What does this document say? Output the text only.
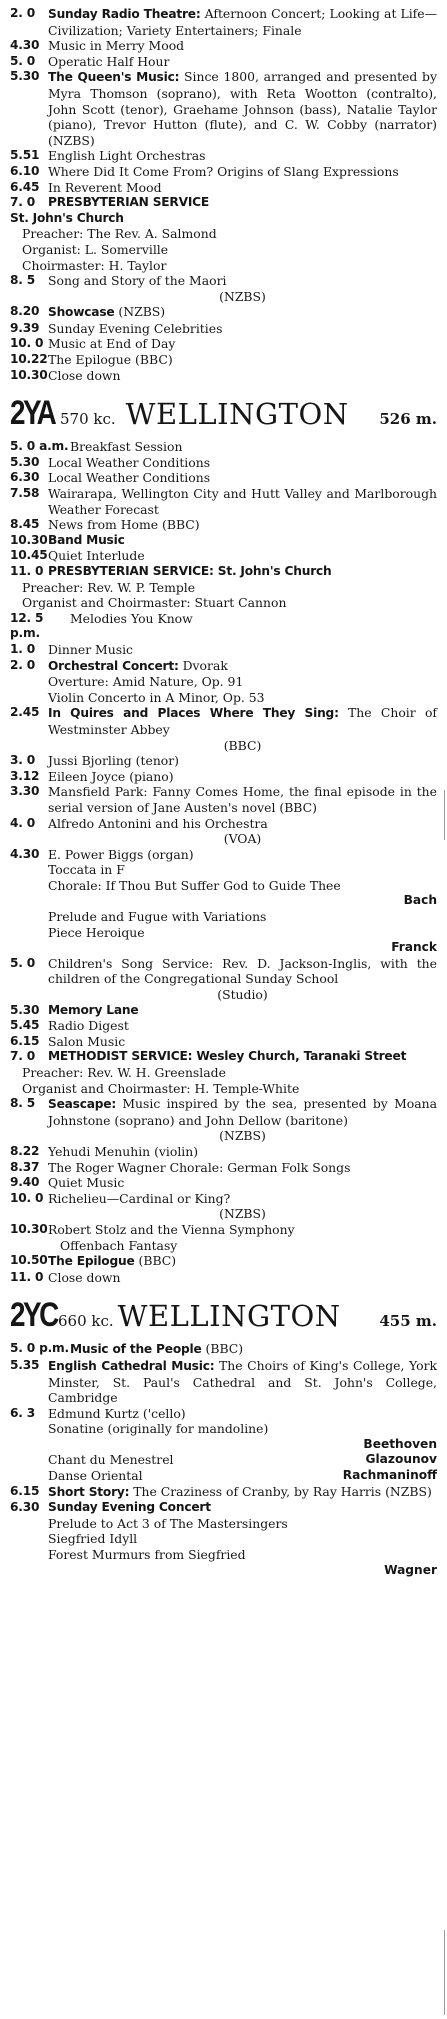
2. 0	Sunday Radio Theatre: Afternoon Concert; Looking at Life—Civilization; Variety Entertainers; Finale
4.30 Music in Merry Mood
5. 0	Operatic Half Hour
5.30 The Queen's Music: Since 1800, arranged and presented by Myra Thomson (soprano), with Reta Wootton (contralto), John Scott (tenor), Graehame Johnson (bass), Natalie Taylor (piano), Trevor Hutton (flute), and C. W. Cobby (narrator) (NZBS)
5.51 English Light Orchestras
6.10 Where Did It Come From? Origins of Slang Expressions
6.45 In Reverent Mood
7. 0	PRESBYTERIAN SERVICE
St. John's Church
Preacher: The Rev. A. Salmond
Organist: L. Somerville
Choirmaster: H. Taylor
8. 5	Song and Story of the Maori
(NZBS)
8.20 Showcase (NZBS)
9.39 Sunday Evening Celebrities
10. 0 Music at End of Day
10.22 The Epilogue (BBC)
10.30 Close down
2YA 570 kc. WELLINGTON 526 m.
5. 0 a.m. Breakfast Session
5.30 Local Weather Conditions
6.30 Local Weather Conditions
7.58 Wairarapa, Wellington City and Hutt Valley and Marlborough Weather Forecast
8.45 News from Home (BBC)
10.30 Band Music
10.45 Quiet Interlude
11. 0 PRESBYTERIAN SERVICE: St. John's Church
Preacher: Rev. W. P. Temple
Organist and Choirmaster: Stuart Cannon
12. 5 p.m.
Melodies You Know
1. 0	Dinner Music
2. 0	Orchestral Concert: Dvorak
Overture: Amid Nature, Op. 91
Violin Concerto in A Minor, Op. 53
2.45 In Quires and Places Where They Sing: The Choir of Westminster Abbey
(BBC)
3. 0	Jussi Bjorling (tenor)
3.12 Eileen Joyce (piano)
3.30 Mansfield Park: Fanny Comes Home, the final episode in the serial version of Jane Austen's novel (BBC)
4. 0	Alfredo Antonini and his Orchestra
(VOA)
4.30 E. Power Biggs (organ)
Toccata in F
Chorale: If Thou But Suffer God to Guide Thee
Bach
Prelude and Fugue with Variations
Piece Heroique
Franck
5. 0	Children's Song Service: Rev. D. Jackson-Inglis, with the children of the Congregational Sunday School
(Studio)
5.30 Memory Lane
5.45 Radio Digest
6.15 Salon Music
7. 0	METHODIST SERVICE: Wesley Church, Taranaki Street
Preacher: Rev. W. H. Greenslade
Organist and Choirmaster: H. Temple-White
8. 5	Seascape: Music inspired by the sea, presented by Moana Johnstone (soprano) and John Dellow (baritone)
(NZBS)
8.22 Yehudi Menuhin (violin)
8.37 The Roger Wagner Chorale: German Folk Songs
9.40 Quiet Music
10. 0 Richelieu—Cardinal or King?
(NZBS)
10.30 Robert Stolz and the Vienna Symphony
Offenbach Fantasy
10.50 The Epilogue (BBC)
11. 0 Close down
2YC 660 kc. WELLINGTON	455 m.
5. 0 p.m. Music of the People (BBC)
5.35 English Cathedral Music: The Choirs of King's College, York Minster, St. Paul's Cathedral and St. John's College, Cambridge
6. 3	Edmund Kurtz ('cello)
Sonatine (originally for mandoline)
Beethoven
Chant du Menestrel	Glazounov
Danse Oriental	Rachmaninoff
6.15 Short Story: The Craziness of Cranby, by Ray Harris (NZBS)
6.30 Sunday Evening Concert
Prelude to Act 3 of The Mastersingers
Siegfried Idyll
Forest Murmurs from Siegfried
Wagner
